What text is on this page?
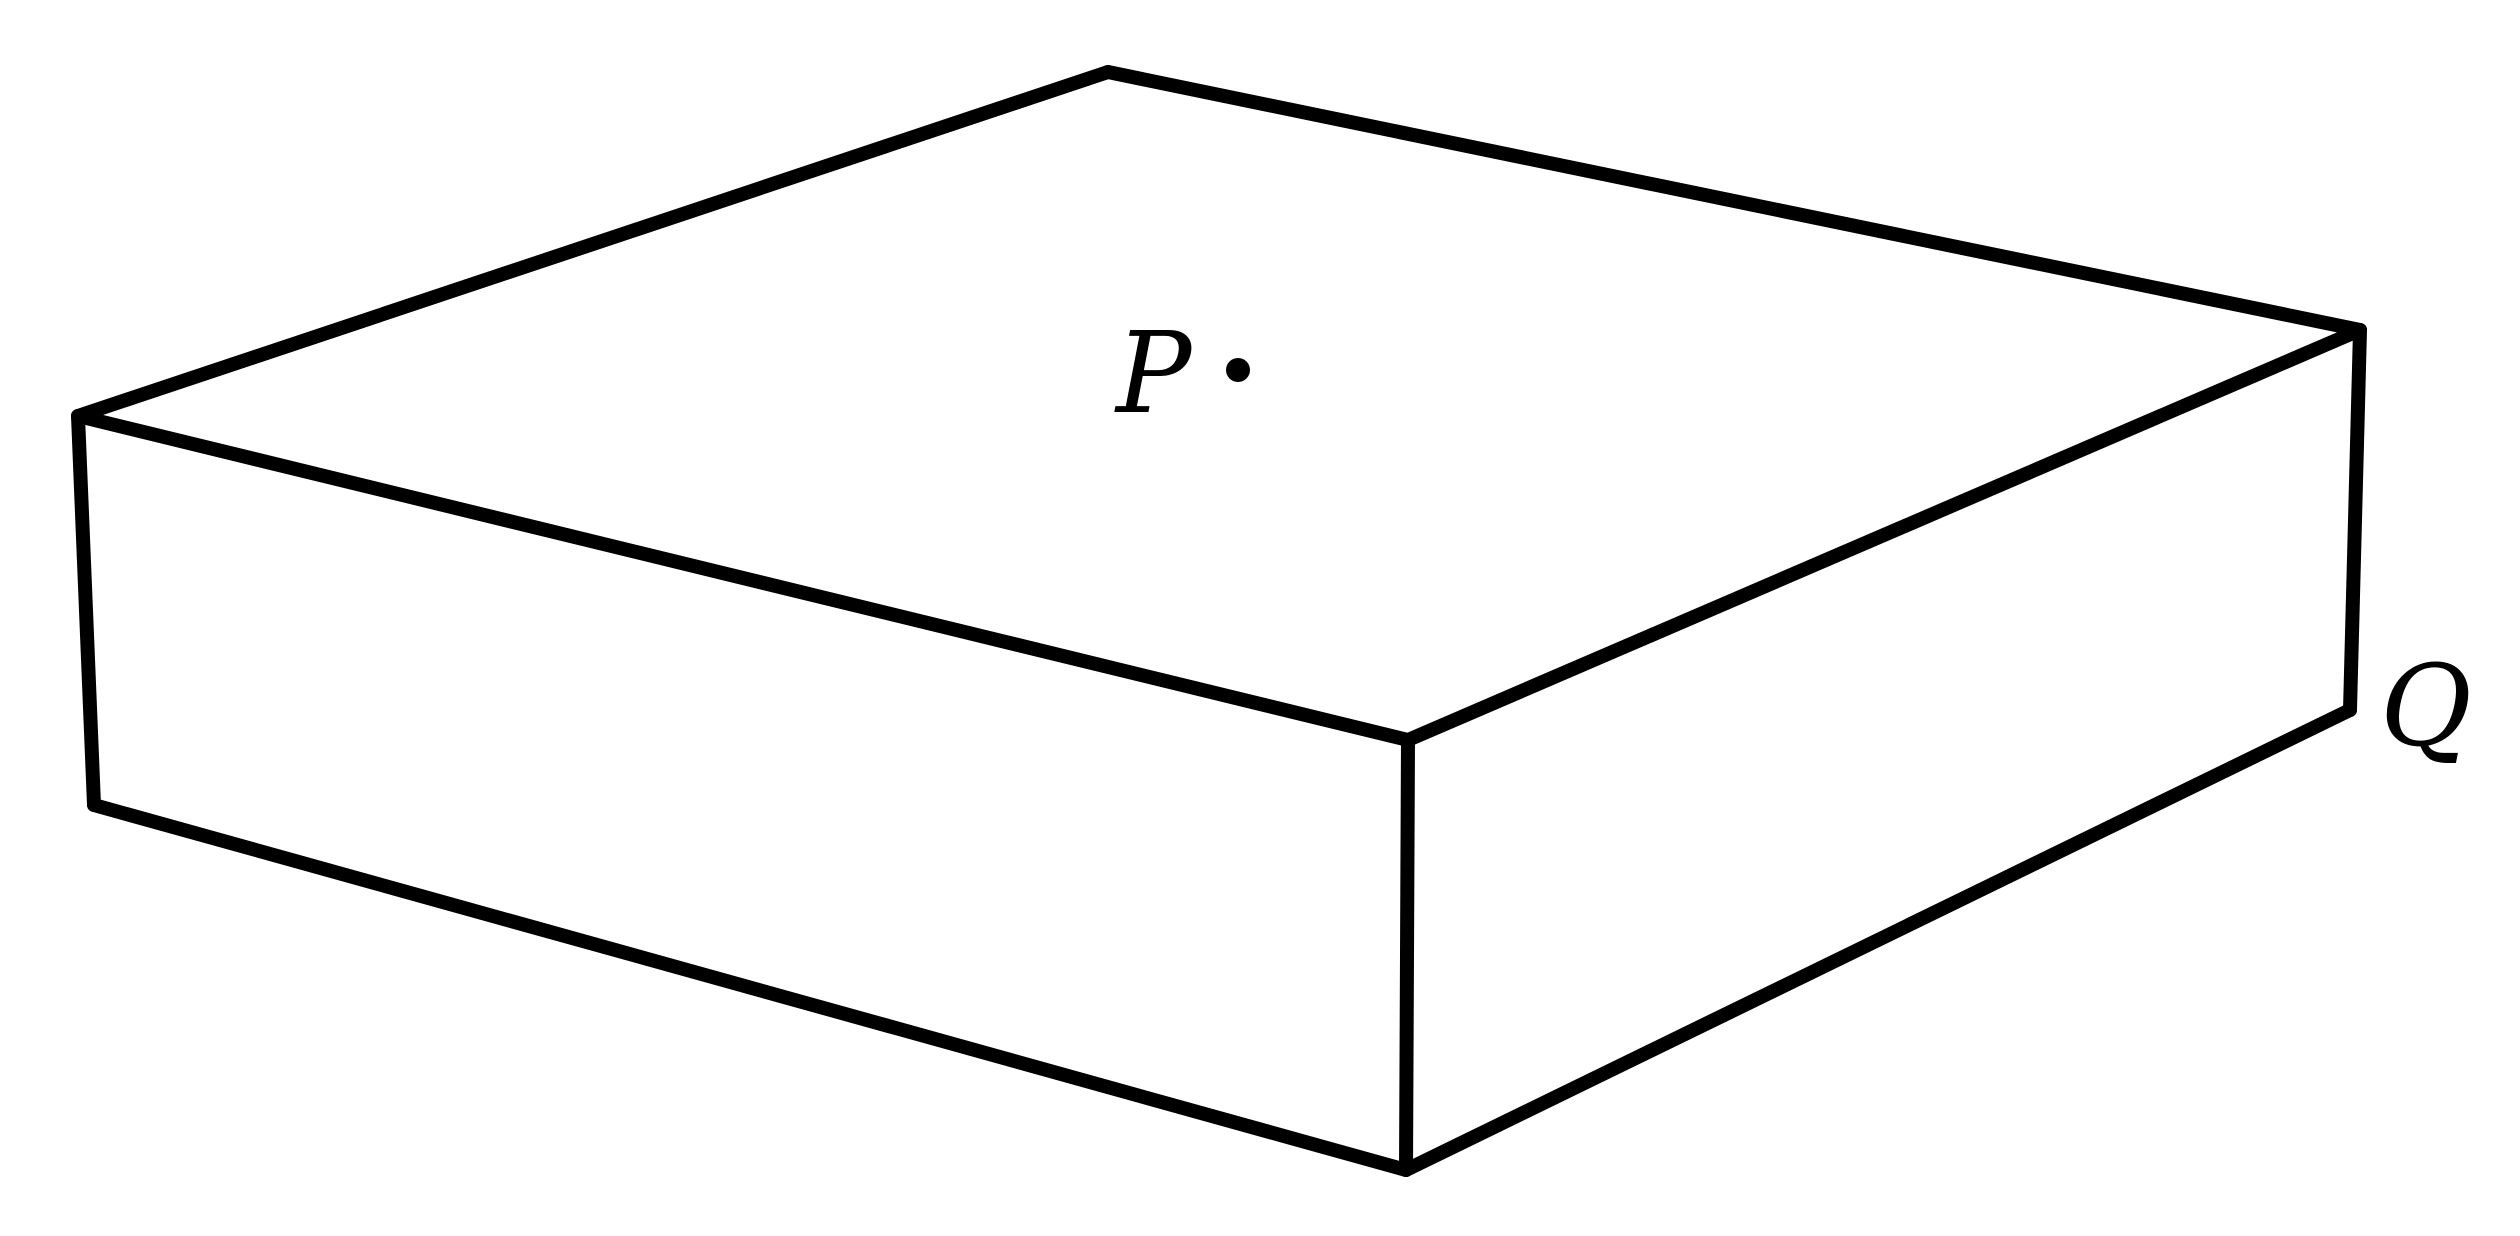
P
Q
